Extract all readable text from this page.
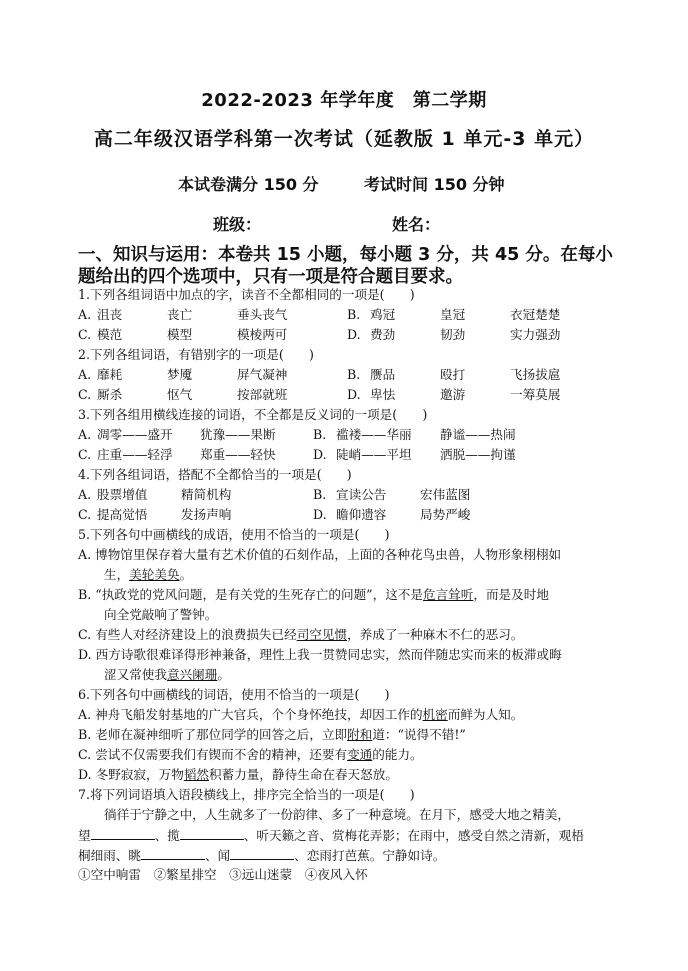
2022-2023 年学年度　第二学期
高二年级汉语学科第一次考试（延教版 1 单元-3 单元）
本试卷满分 150 分	考试时间 150 分钟
班级：	姓名：
一、知识与运用：本卷共 15 小题，每小题 3 分，共 45 分。在每小
题给出的四个选项中，只有一项是符合题目要求。
1.下列各组词语中加点的字，读音不全都相同的一项是(　　)
A. 沮丧	丧亡	垂头丧气	B. 鸡冠	皇冠	衣冠楚楚
C. 模范	模型	模棱两可	D. 费劲	韧劲	实力强劲
2.下列各组词语，有错别字的一项是(　　)
A. 靡耗	梦魇	屏气凝神	B. 赝品	殴打	飞扬拔扈
C. 厮杀	怄气	按部就班	D. 卑怯	邀游	一筹莫展
3.下列各组用横线连接的词语，不全都是反义词的一项是(　　)
A. 凋零——盛开 犹豫——果断	B. 褴褛——华丽 静谧——热闹
C. 庄重——轻浮 郑重——轻快	D. 陡峭——平坦 洒脱——拘谨
4.下列各组词语，搭配不全都恰当的一项是(　　)
A. 股票增值	精简机构	B. 宣读公告	宏伟蓝图
C. 提高觉悟	发扬声响	D. 瞻仰遗容	局势严峻
5.下列各句中画横线的成语，使用不恰当的一项是(　　)
A. 博物馆里保存着大量有艺术价值的石刻作品，上面的各种花鸟虫兽，人物形象栩栩如
生，美轮美奂。
B. “执政党的党风问题，是有关党的生死存亡的问题”，这不是危言耸听，而是及时地
向全党敲响了警钟。
C. 有些人对经济建设上的浪费损失已经司空见惯，养成了一种麻木不仁的恶习。
D. 西方诗歌很难译得形神兼备，理性上我一贯赞同忠实，然而伴随忠实而来的板滞或晦
涩又常使我意兴阑珊。
6.下列各句中画横线的词语，使用不恰当的一项是(　　)
A. 神舟飞船发射基地的广大官兵，个个身怀绝技，却因工作的机密而鲜为人知。
B. 老师在凝神细听了那位同学的回答之后，立即附和道：“说得不错!”
C. 尝试不仅需要我们有锲而不舍的精神，还要有变通的能力。
D. 冬野寂寂，万物韬然积蓄力量，静待生命在春天怒放。
7.将下列词语填入语段横线上，排序完全恰当的一项是(　　)
徜徉于宁静之中，人生就多了一份韵律、多了一种意境。在月下，感受大地之精美，
望	、揽	、听天籁之音、赏梅花弄影；在雨中，感受自然之清新，观梧
桐细雨、眺	、闻	、恋雨打芭蕉。宁静如诗。
①空中响雷　②繁星排空　③远山迷蒙　④夜风入怀
